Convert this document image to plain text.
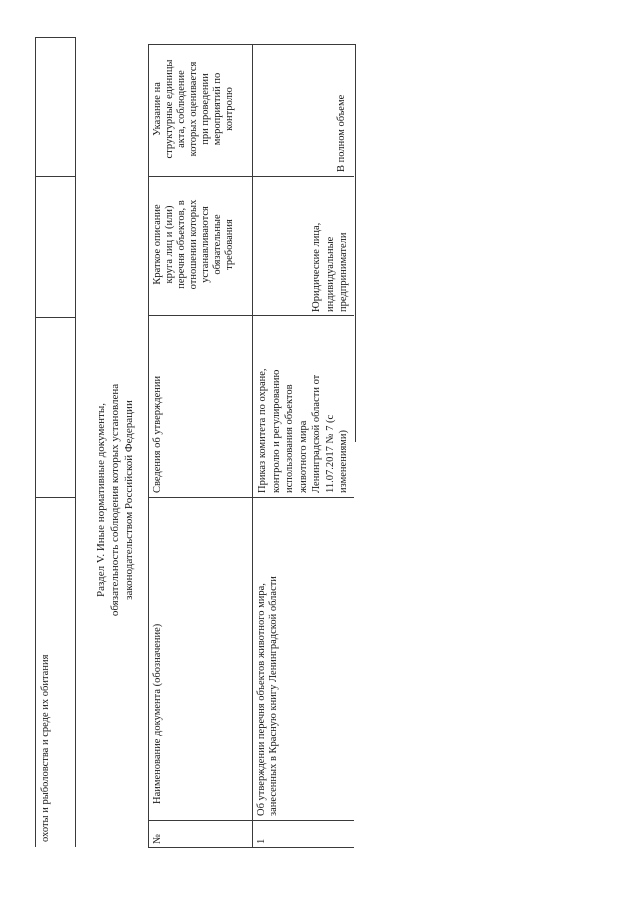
охоты и рыболовства и среде их обитания
Раздел V. Иные нормативные документы, обязательность соблюдения которых установлена законодательством Российской Федерации
№
Наименование документа (обозначение)
Сведения об утверждении
Краткое описание круга лиц и (или) перечня объектов, в отношении которых устанавливаются обязательные требования
Указание на структурные единицы акта, соблюдение которых оценивается при проведении мероприятий по контролю
1
Об утверждении перечня объектов животного мира, занесенных в Красную книгу Ленинградской области
Приказ комитета по охране, контролю и регулированию использования объектов животного мира Ленинградской области от 11.07.2017 № 7 (с изменениями)
Юридические лица, индивидуальные предприниматели
В полном объеме
